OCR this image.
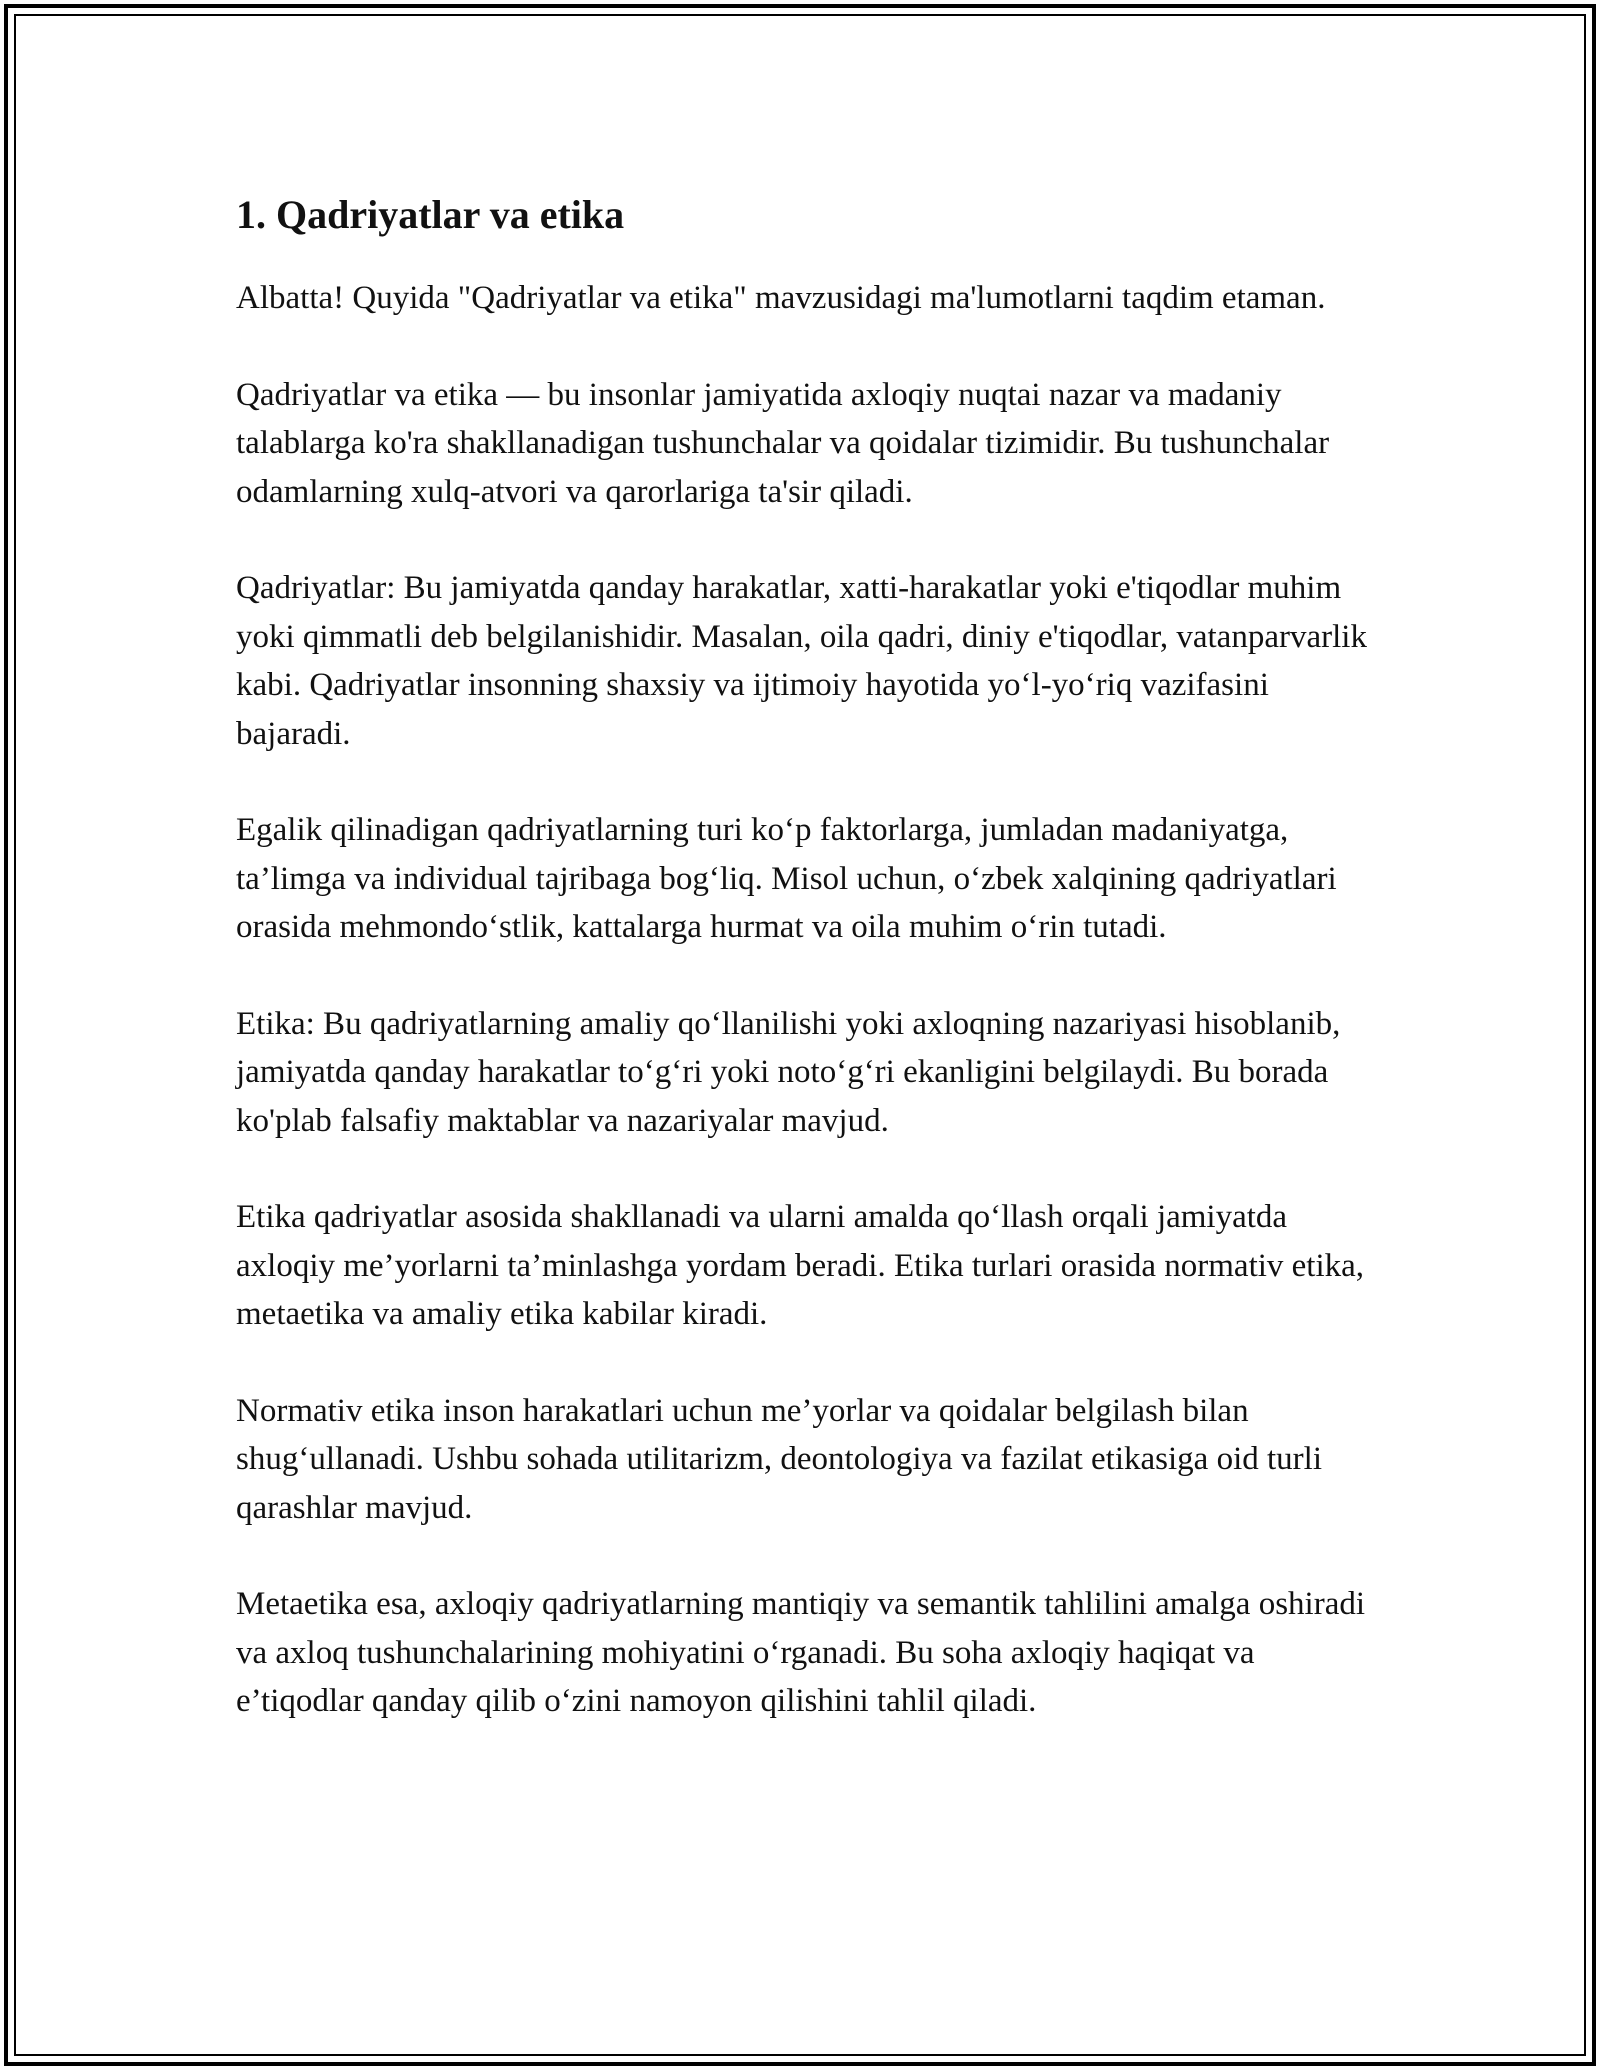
1. Qadriyatlar va etika

Albatta! Quyida "Qadriyatlar va etika" mavzusidagi ma'lumotlarni taqdim etaman.

Qadriyatlar va etika — bu insonlar jamiyatida axloqiy nuqtai nazar va madaniy talablarga ko'ra shakllanadigan tushunchalar va qoidalar tizimidir. Bu tushunchalar odamlarning xulq-atvori va qarorlariga ta'sir qiladi.

Qadriyatlar: Bu jamiyatda qanday harakatlar, xatti-harakatlar yoki e'tiqodlar muhim yoki qimmatli deb belgilanishidir. Masalan, oila qadri, diniy e'tiqodlar, vatanparvarlik kabi. Qadriyatlar insonning shaxsiy va ijtimoiy hayotida yo‘l-yo‘riq vazifasini bajaradi.

Egalik qilinadigan qadriyatlarning turi ko‘p faktorlarga, jumladan madaniyatga, ta’limga va individual tajribaga bog‘liq. Misol uchun, o‘zbek xalqining qadriyatlari orasida mehmondo‘stlik, kattalarga hurmat va oila muhim o‘rin tutadi.

Etika: Bu qadriyatlarning amaliy qo‘llanilishi yoki axloqning nazariyasi hisoblanib, jamiyatda qanday harakatlar to‘g‘ri yoki noto‘g‘ri ekanligini belgilaydi. Bu borada ko'plab falsafiy maktablar va nazariyalar mavjud.

Etika qadriyatlar asosida shakllanadi va ularni amalda qo‘llash orqali jamiyatda axloqiy me’yorlarni ta’minlashga yordam beradi. Etika turlari orasida normativ etika, metaetika va amaliy etika kabilar kiradi.

Normativ etika inson harakatlari uchun me’yorlar va qoidalar belgilash bilan shug‘ullanadi. Ushbu sohada utilitarizm, deontologiya va fazilat etikasiga oid turli qarashlar mavjud.

Metaetika esa, axloqiy qadriyatlarning mantiqiy va semantik tahlilini amalga oshiradi va axloq tushunchalarining mohiyatini o‘rganadi. Bu soha axloqiy haqiqat va e’tiqodlar qanday qilib o‘zini namoyon qilishini tahlil qiladi.
